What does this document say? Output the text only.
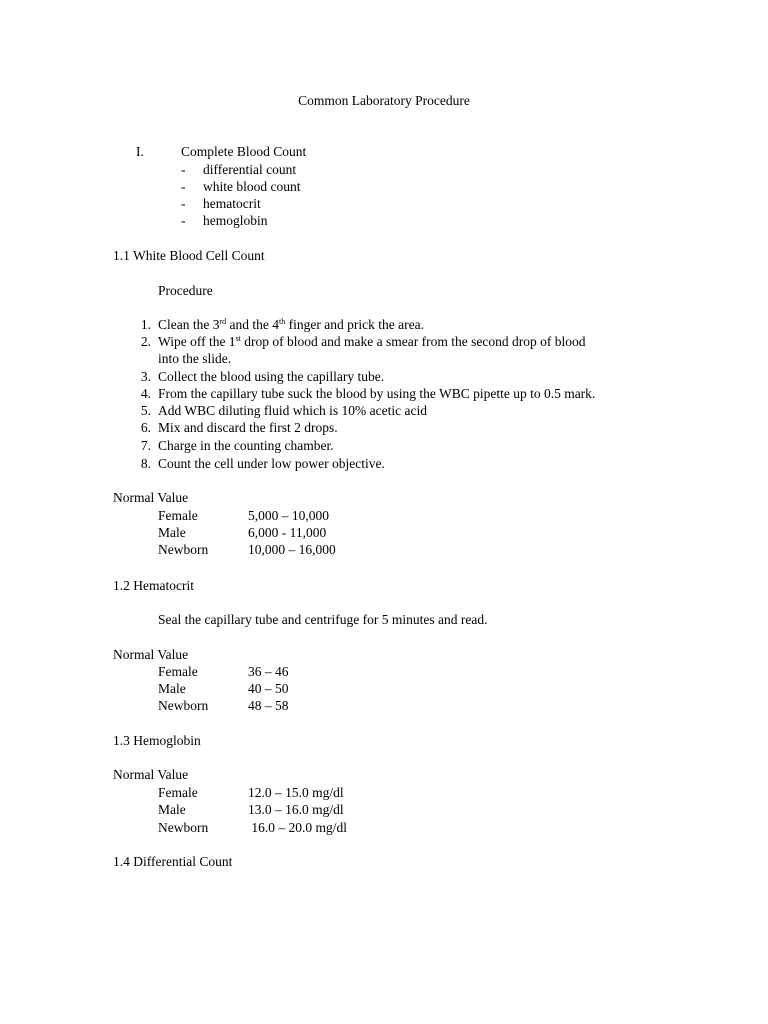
Common Laboratory Procedure
I.	Complete Blood Count
- differential count
- white blood count
- hematocrit
- hemoglobin
1.1 White Blood Cell Count
Procedure
1. Clean the 3rd and the 4th finger and prick the area.
2. Wipe off the 1st drop of blood and make a smear from the second drop of blood
into the slide.
3. Collect the blood using the capillary tube.
4. From the capillary tube suck the blood by using the WBC pipette up to 0.5 mark.
5. Add WBC diluting fluid which is 10% acetic acid
6. Mix and discard the first 2 drops.
7. Charge in the counting chamber.
8. Count the cell under low power objective.
Normal Value
Female	5,000 – 10,000
Male	6,000 - 11,000
Newborn	10,000 – 16,000
1.2 Hematocrit
Seal the capillary tube and centrifuge for 5 minutes and read.
Normal Value
Female	36 – 46
Male	40 – 50
Newborn	48 – 58
1.3 Hemoglobin
Normal Value
Female	12.0 – 15.0 mg/dl
Male	13.0 – 16.0 mg/dl
Newborn	16.0 – 20.0 mg/dl
1.4 Differential Count
